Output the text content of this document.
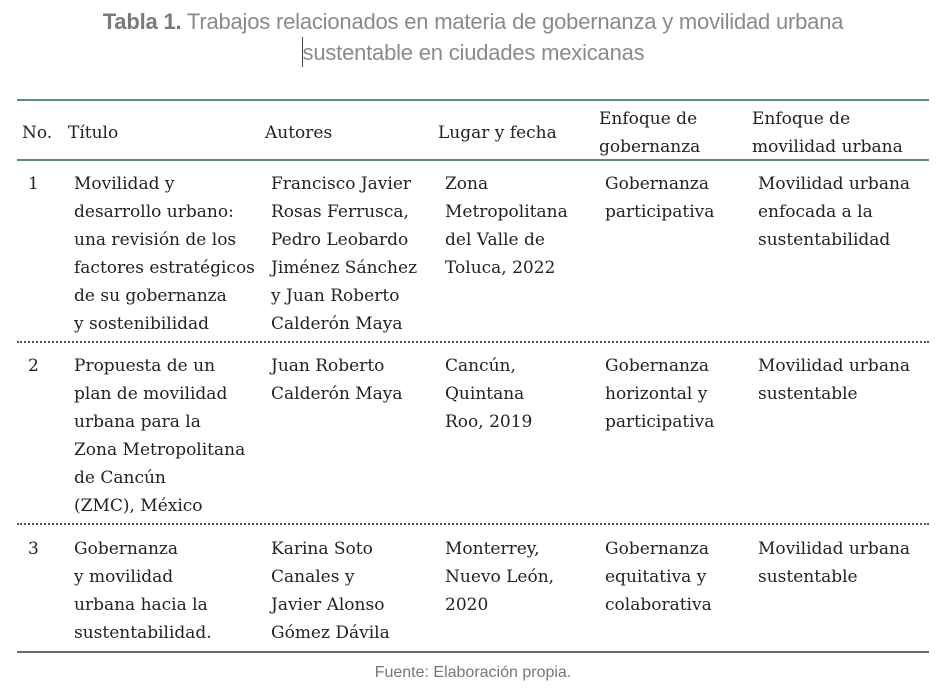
Tabla 1. Trabajos relacionados en materia de gobernanza y movilidad urbana
sustentable en ciudades mexicanas
No. Título	Autores	Lugar y fecha
Enfoque de
gobernanza
Enfoque de
movilidad urbana
1 Movilidad y
desarrollo urbano:
una revisión de los
factores estratégicos
de su gobernanza
y sostenibilidad
Francisco Javier
Rosas Ferrusca,
Pedro Leobardo
Jiménez Sánchez
y Juan Roberto
Calderón Maya
Zona
Metropolitana
del Valle de
Toluca, 2022
Gobernanza
participativa
Movilidad urbana
enfocada a la
sustentabilidad
2 Propuesta de un
plan de movilidad
urbana para la
Zona Metropolitana
de Cancún
(ZMC), México
Juan Roberto
Calderón Maya
Cancún,
Quintana
Roo, 2019
Gobernanza
horizontal y
participativa
Movilidad urbana
sustentable
3 Gobernanza
y movilidad
urbana hacia la
sustentabilidad.
Karina Soto
Canales y
Javier Alonso
Gómez Dávila
Monterrey,
Nuevo León,
2020
Gobernanza
equitativa y
colaborativa
Movilidad urbana
sustentable
Fuente: Elaboración propia.
